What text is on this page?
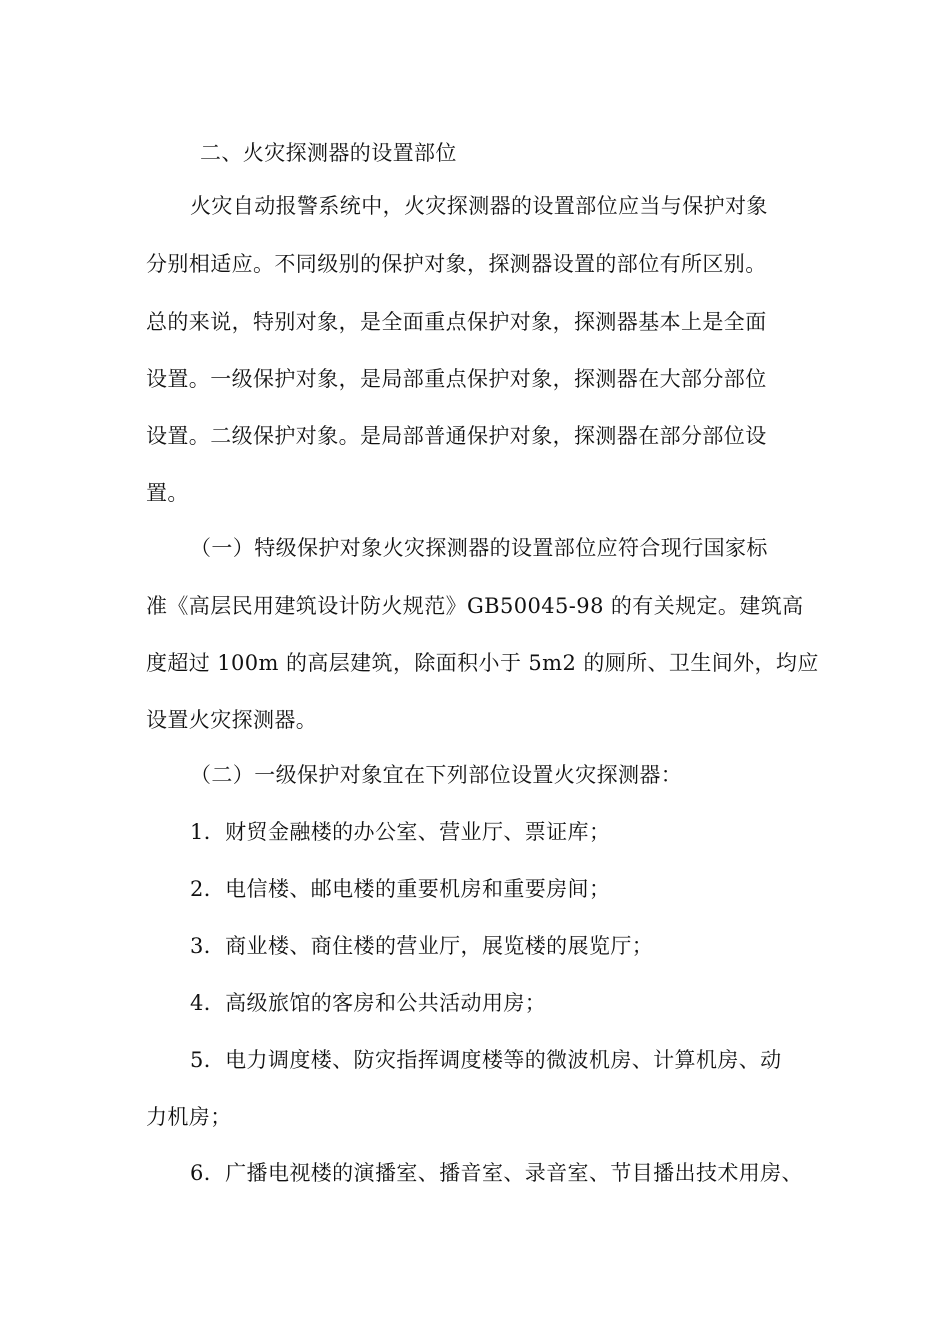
二、火灾探测器的设置部位
火灾自动报警系统中，火灾探测器的设置部位应当与保护对象
分别相适应。不同级别的保护对象，探测器设置的部位有所区别。
总的来说，特别对象，是全面重点保护对象，探测器基本上是全面
设置。一级保护对象，是局部重点保护对象，探测器在大部分部位
设置。二级保护对象。是局部普通保护对象，探测器在部分部位设
置。
（一）特级保护对象火灾探测器的设置部位应符合现行国家标
准《高层民用建筑设计防火规范》GB50045-98 的有关规定。建筑高
度超过 100m 的高层建筑，除面积小于 5m2 的厕所、卫生间外，均应
设置火灾探测器。
（二）一级保护对象宜在下列部位设置火灾探测器：
1．财贸金融楼的办公室、营业厅、票证库；
2．电信楼、邮电楼的重要机房和重要房间；
3．商业楼、商住楼的营业厅，展览楼的展览厅；
4．高级旅馆的客房和公共活动用房；
5．电力调度楼、防灾指挥调度楼等的微波机房、计算机房、动
力机房；
6．广播电视楼的演播室、播音室、录音室、节目播出技术用房、
